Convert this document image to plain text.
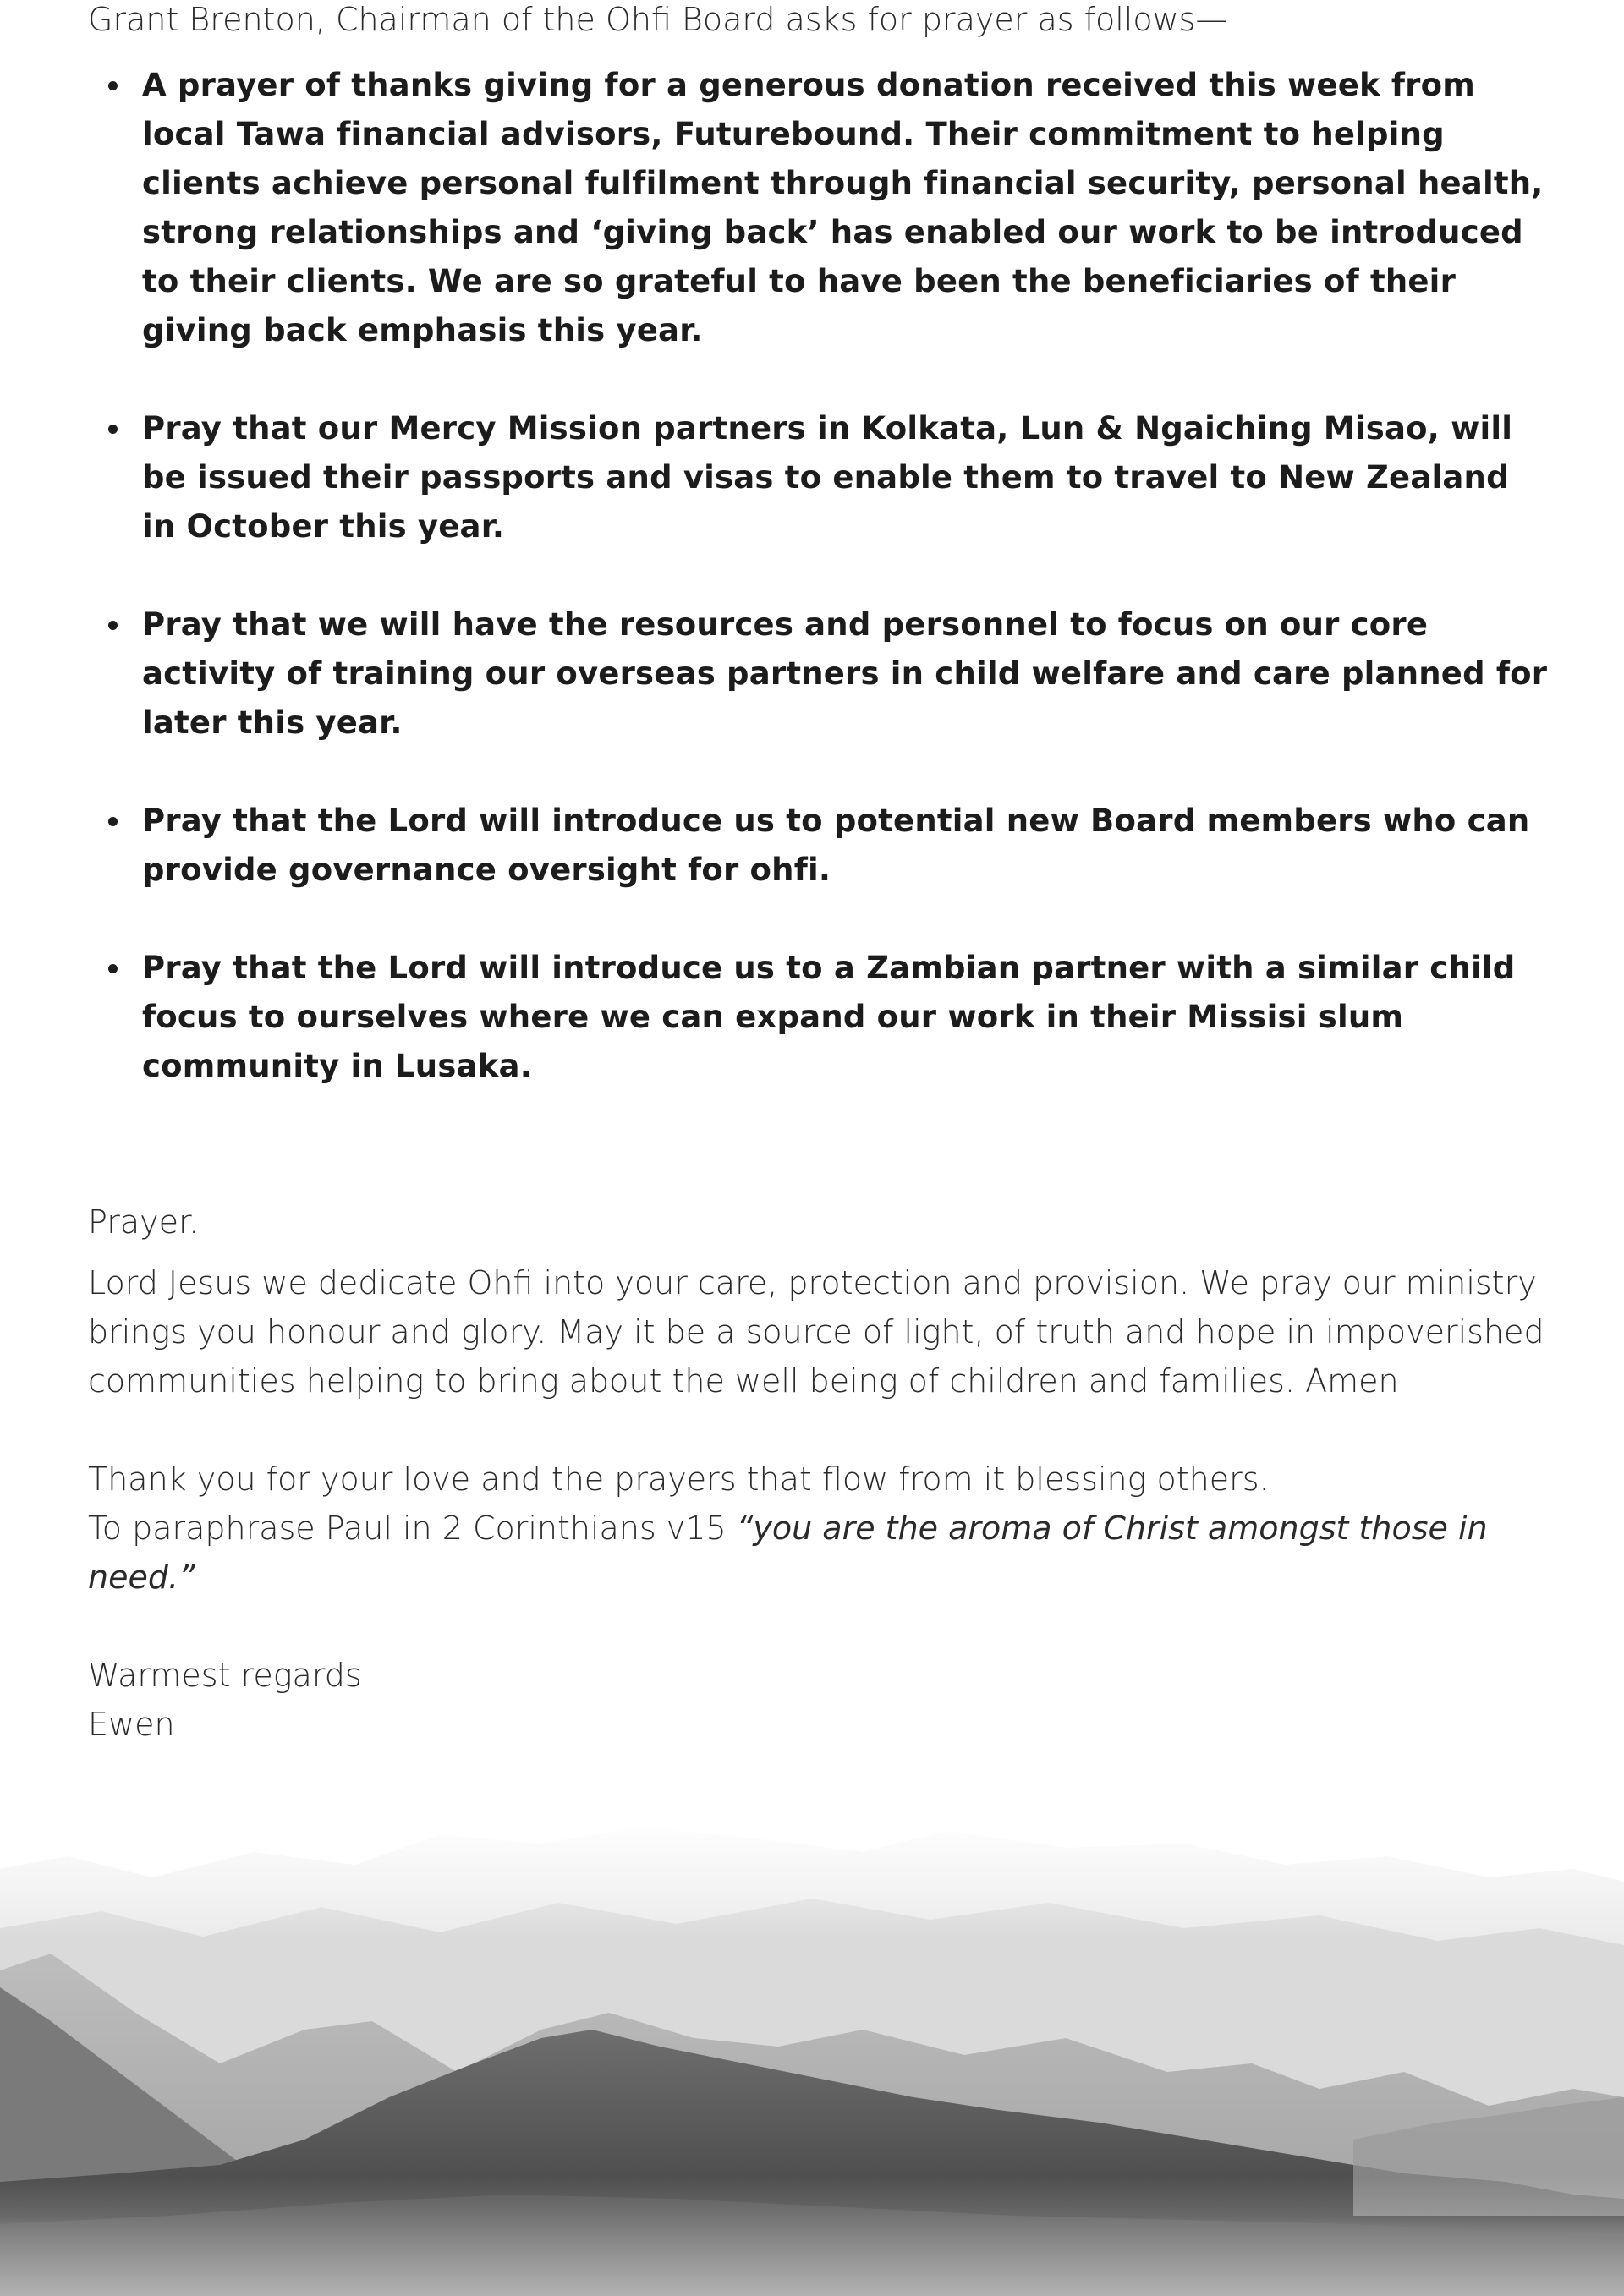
Grant Brenton, Chairman of the Ohfi Board asks for prayer as follows—
A prayer of thanks giving for a generous donation received this week from local Tawa financial advisors, Futurebound. Their commitment to helping clients achieve personal fulfilment through financial security, personal health, strong relationships and ‘giving back’ has enabled our work to be introduced to their clients. We are so grateful to have been the beneficiaries of their giving back emphasis this year.
Pray that our Mercy Mission partners in Kolkata, Lun & Ngaiching Misao, will be issued their passports and visas to enable them to travel to New Zealand in October this year.
Pray that we will have the resources and personnel to focus on our core activity of training our overseas partners in child welfare and care planned for later this year.
Pray that the Lord will introduce us to potential new Board members who can provide governance oversight for ohfi.
Pray that the Lord will introduce us to a Zambian partner with a similar child focus to ourselves where we can expand our work in their Missisi slum community in Lusaka.

Prayer.

Lord Jesus we dedicate Ohfi into your care, protection and provision. We pray our ministry brings you honour and glory. May it be a source of light, of truth and hope in impoverished communities helping to bring about the well being of children and families. Amen

Thank you for your love and the prayers that flow from it blessing others.

To paraphrase Paul in 2 Corinthians v15 “you are the aroma of Christ amongst those in need.”

Warmest regards

Ewen
